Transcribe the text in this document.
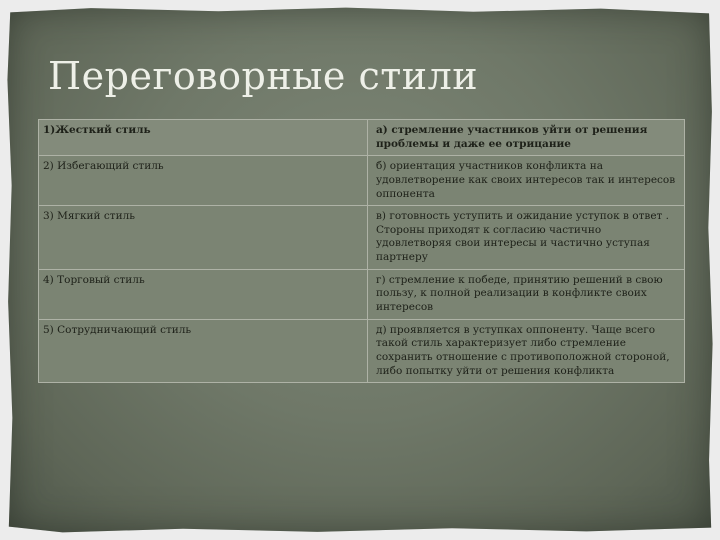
Переговорные стили
1)Жесткий стиль	а) стремление участников уйти от решения проблемы и даже ее отрицание
2) Избегающий стиль	б) ориентация участников конфликта на удовлетворение как своих интересов так и интересов оппонента
3) Мягкий стиль	в) готовность уступить и ожидание уступок в ответ . Стороны приходят к согласию частично удовлетворяя свои интересы и частично уступая партнеру
4) Торговый стиль	г) стремление к победе, принятию решений в свою пользу, к полной реализации в конфликте своих интересов
5) Сотрудничающий стиль	д) проявляется в уступках оппоненту. Чаще всего такой стиль характеризует либо стремление сохранить отношение с противоположной стороной, либо попытку уйти от решения конфликта
